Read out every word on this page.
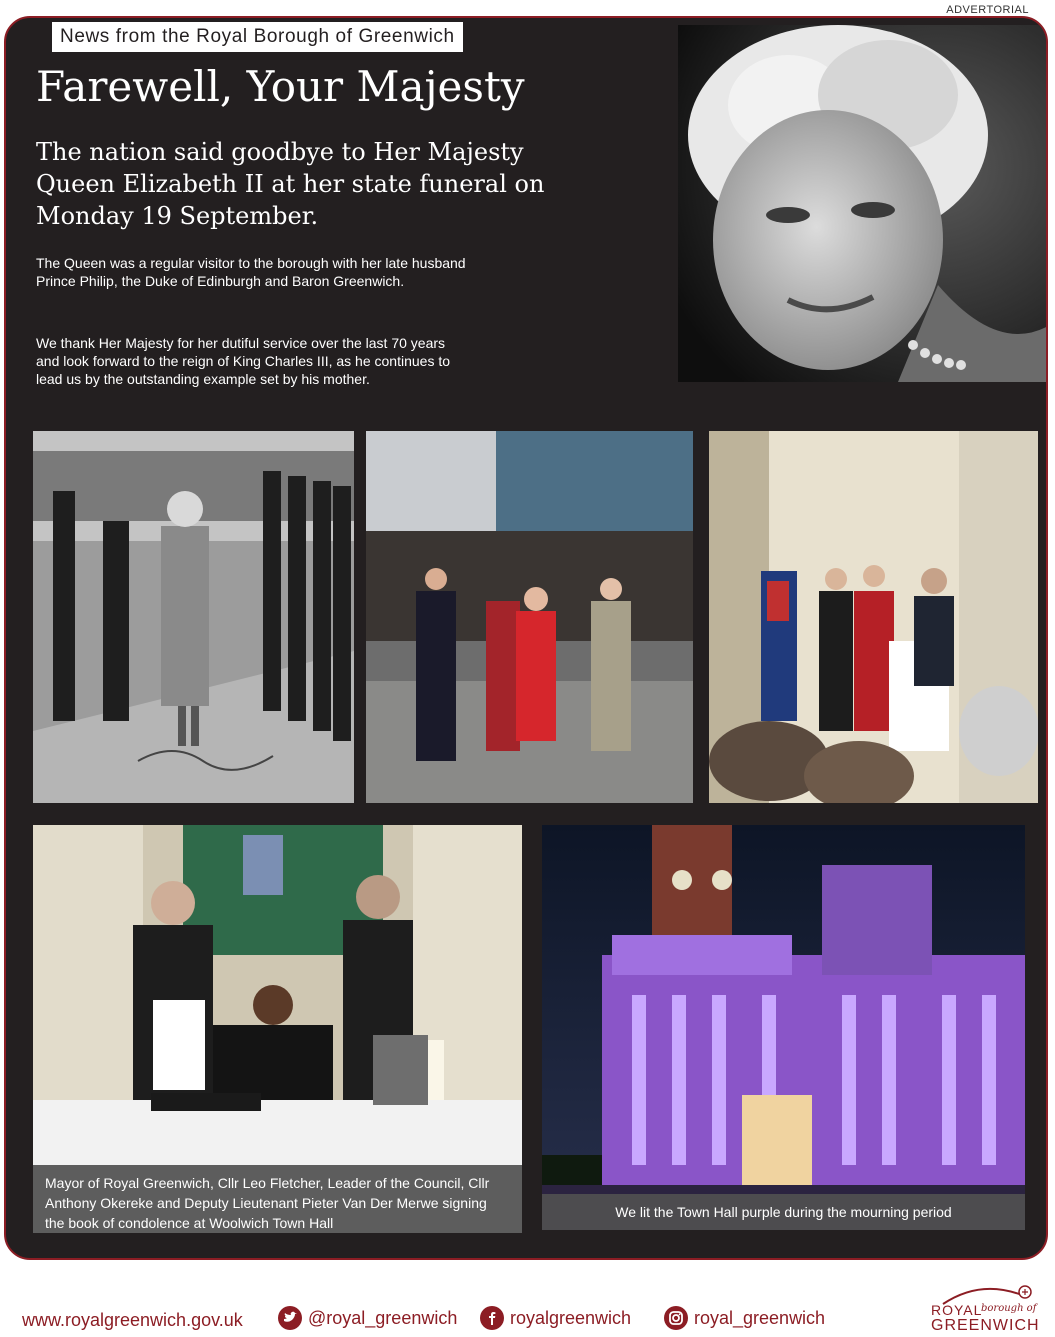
ADVERTORIAL
News from the Royal Borough of Greenwich
Farewell, Your Majesty

The nation said goodbye to Her Majesty Queen Elizabeth II at her state funeral on Monday 19 September.

The Queen was a regular visitor to the borough with her late husband Prince Philip, the Duke of Edinburgh and Baron Greenwich.

We thank Her Majesty for her dutiful service over the last 70 years and look forward to the reign of King Charles III, as he continues to lead us by the outstanding example set by his mother.

Mayor of Royal Greenwich, Cllr Leo Fletcher, Leader of the Council, Cllr Anthony Okereke and Deputy Lieutenant Pieter Van Der Merwe signing the book of condolence at Woolwich Town Hall
We lit the Town Hall purple during the mourning period
www.royalgreenwich.gov.uk	@royal_greenwich	royalgreenwich	royal_greenwich	ROYAL
borough of
GREENWICH
